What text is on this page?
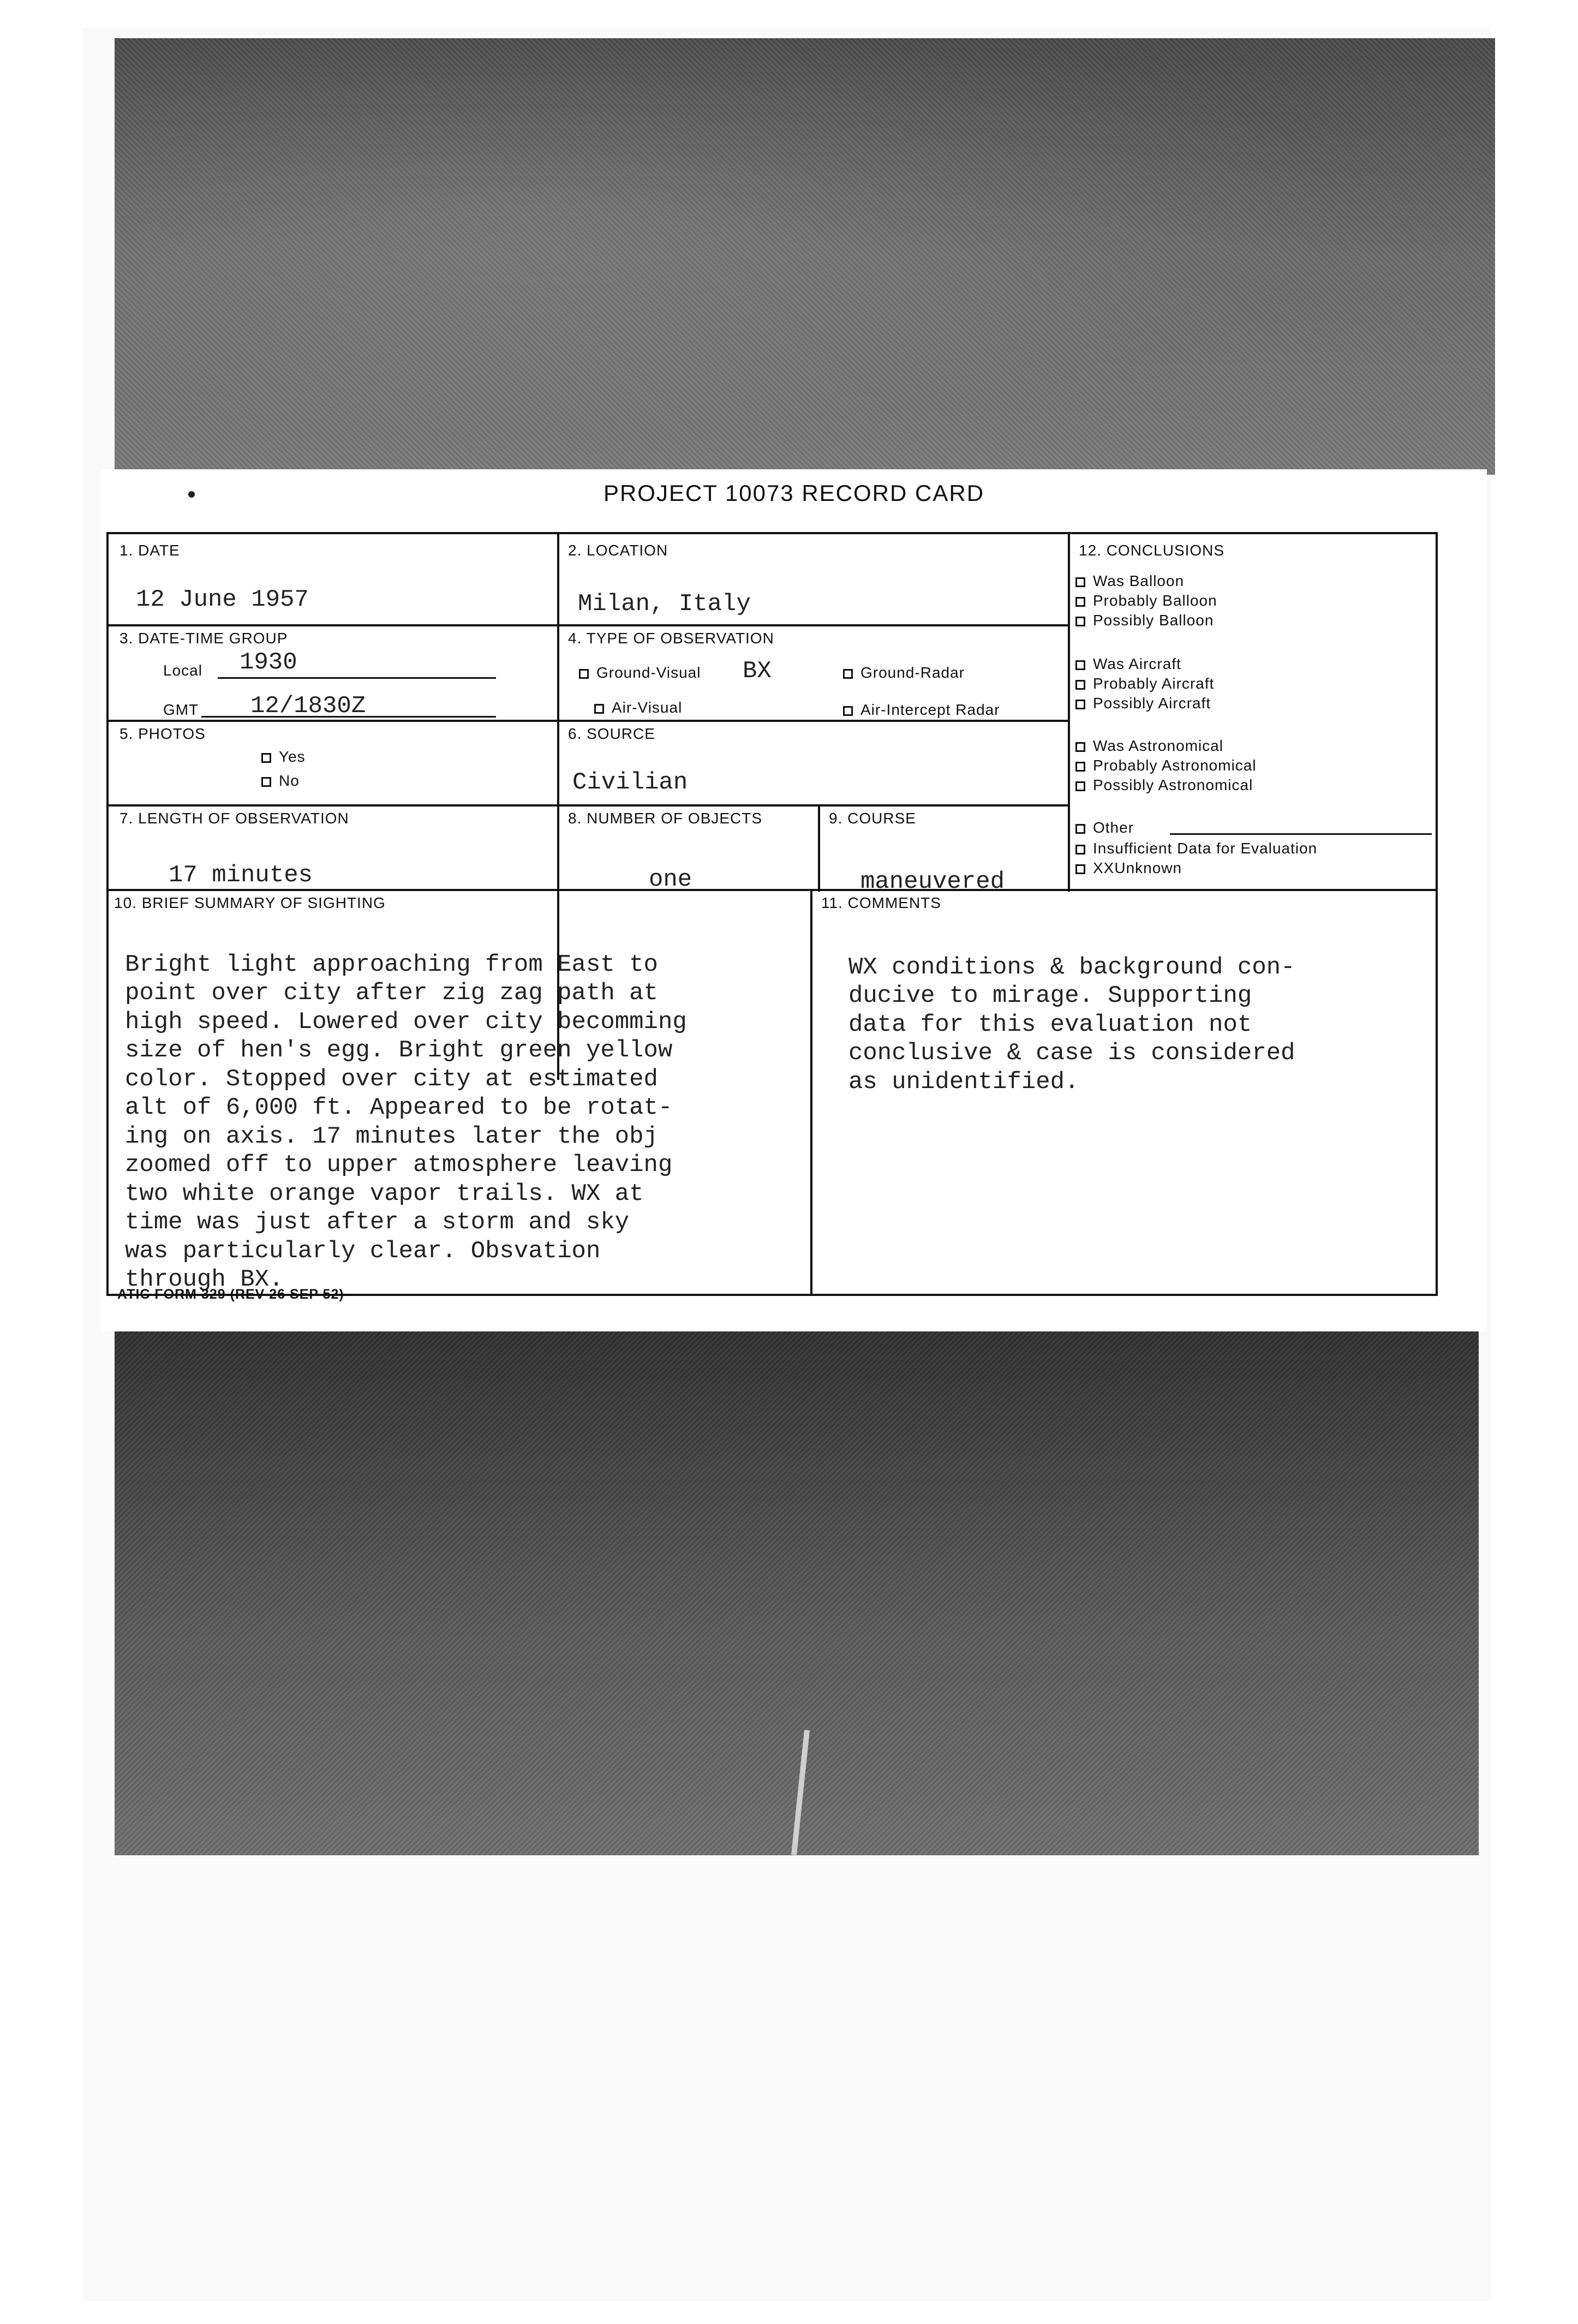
PROJECT 10073 RECORD CARD
1. DATE
12 June 1957
2. LOCATION
Milan, Italy
3. DATE-TIME GROUP
Local 1930
GMT 12/1830Z
4. TYPE OF OBSERVATION
Ground-Visual BX	Ground-Radar
Air-Visual	Air-Intercept Radar
5. PHOTOS
Yes
No
6. SOURCE
Civilian
7. LENGTH OF OBSERVATION
17 minutes
8. NUMBER OF OBJECTS
one
9. COURSE
maneuvered
10. BRIEF SUMMARY OF SIGHTING

Bright light approaching from East to
point over city after zig zag path at
high speed. Lowered over city becomming
size of hen's egg. Bright green yellow
color. Stopped over city at estimated
alt of 6,000 ft. Appeared to be rotat-
ing on axis. 17 minutes later the obj
zoomed off to upper atmosphere leaving
two white orange vapor trails. WX at
time was just after a storm and sky
was particularly clear. Obsvation
through BX.
11. COMMENTS

WX conditions & background con-
ducive to mirage. Supporting
data for this evaluation not
conclusive & case is considered
as unidentified.
12. CONCLUSIONS
Was Balloon
Probably Balloon
Possibly Balloon
Was Aircraft
Probably Aircraft
Possibly Aircraft
Was Astronomical
Probably Astronomical
Possibly Astronomical
Other
Insufficient Data for Evaluation
XXUnknown
ATIC FORM 329 (REV 26 SEP 52)
